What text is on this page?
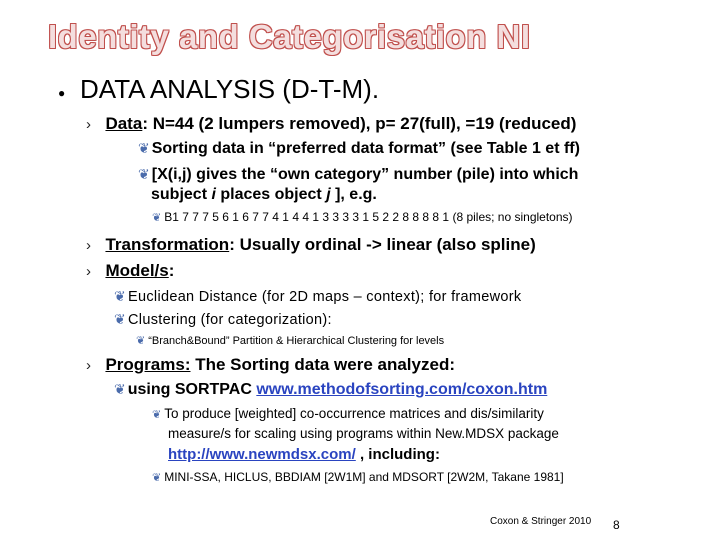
Identity and Categorisation NI
● DATA ANALYSIS (D-T-M).
› Data: N=44 (2 lumpers removed), p= 27(full), =19 (reduced)
❦ Sorting data in “preferred data format” (see Table 1 et ff)
❦ [X(i,j) gives the “own category” number (pile) into which
subject i places object j ], e.g.
❦ B1 7 7 7 5 6 1 6 7 7 4 1 4 4 1 3 3 3 3 1 5 2 2 8 8 8 8 1 (8 piles; no singletons)
› Transformation: Usually ordinal -> linear (also spline)
› Model/s:
❦ Euclidean Distance (for 2D maps – context); for framework
❦ Clustering (for categorization):
❦ “Branch&Bound” Partition & Hierarchical Clustering for levels
› Programs: The Sorting data were analyzed:
❦ using SORTPAC www.methodofsorting.com/coxon.htm
❦ To produce [weighted] co-occurrence matrices and dis/similarity
measure/s for scaling using programs within New.MDSX package
http://www.newmdsx.com/ , including:
❦ MINI-SSA, HICLUS, BBDIAM [2W1M] and MDSORT [2W2M, Takane 1981]
Coxon & Stringer 2010 8
